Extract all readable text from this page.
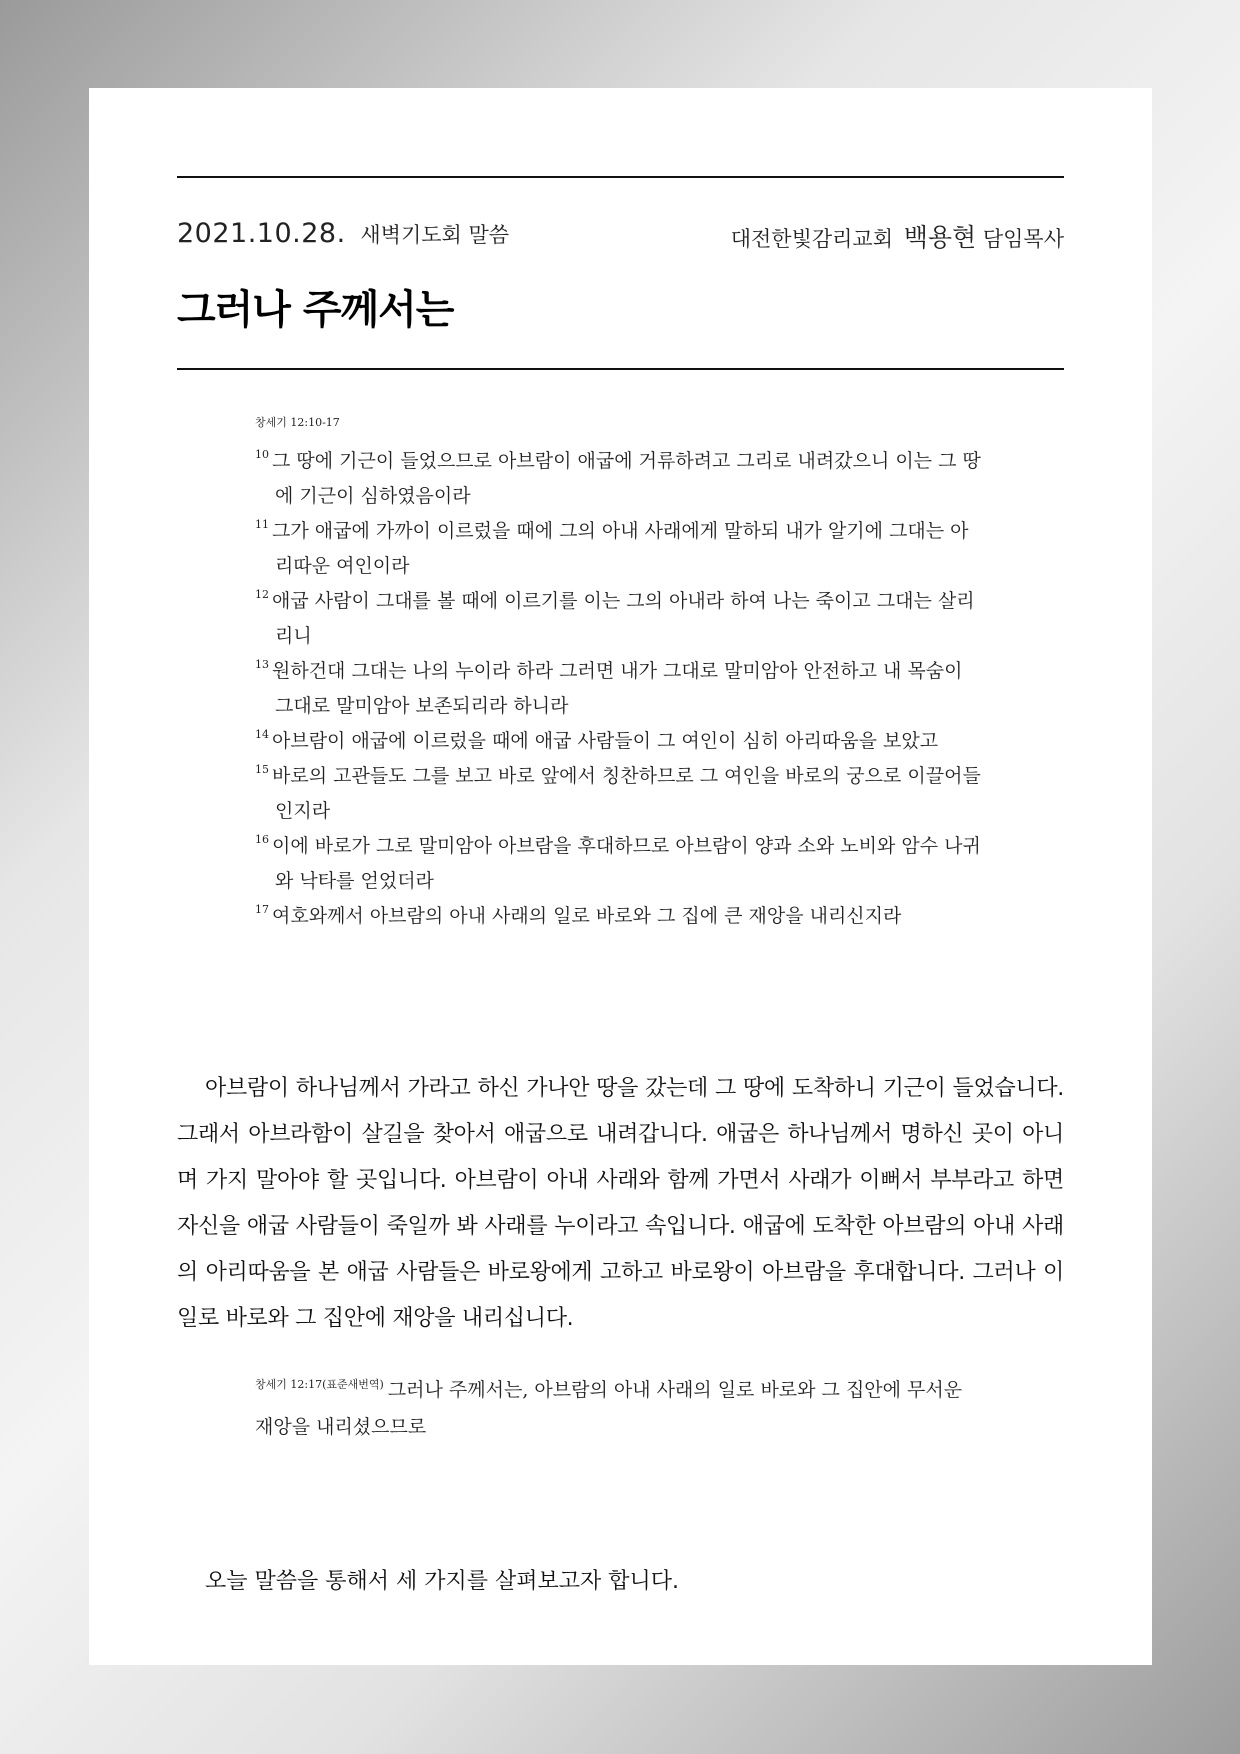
2021.10.28. 새벽기도회 말씀	대전한빛감리교회 백용현 담임목사
그러나 주께서는
창세기 12:10-17
$^{10}$ 그 땅에 기근이 들었으므로 아브람이 애굽에 거류하려고 그리로 내려갔으니 이는 그 땅에 기근이 심하였음이라
$^{11}$ 그가 애굽에 가까이 이르렀을 때에 그의 아내 사래에게 말하되 내가 알기에 그대는 아리따운 여인이라
$^{12}$ 애굽 사람이 그대를 볼 때에 이르기를 이는 그의 아내라 하여 나는 죽이고 그대는 살리리니
$^{13}$ 원하건대 그대는 나의 누이라 하라 그러면 내가 그대로 말미암아 안전하고 내 목숨이 그대로 말미암아 보존되리라 하니라
$^{14}$ 아브람이 애굽에 이르렀을 때에 애굽 사람들이 그 여인이 심히 아리따움을 보았고
$^{15}$ 바로의 고관들도 그를 보고 바로 앞에서 칭찬하므로 그 여인을 바로의 궁으로 이끌어들인지라
$^{16}$ 이에 바로가 그로 말미암아 아브람을 후대하므로 아브람이 양과 소와 노비와 암수 나귀와 낙타를 얻었더라
$^{17}$ 여호와께서 아브람의 아내 사래의 일로 바로와 그 집에 큰 재앙을 내리신지라

아브람이 하나님께서 가라고 하신 가나안 땅을 갔는데 그 땅에 도착하니 기근이 들었습니다. 그래서 아브라함이 살길을 찾아서 애굽으로 내려갑니다. 애굽은 하나님께서 명하신 곳이 아니며 가지 말아야 할 곳입니다. 아브람이 아내 사래와 함께 가면서 사래가 이뻐서 부부라고 하면 자신을 애굽 사람들이 죽일까 봐 사래를 누이라고 속입니다. 애굽에 도착한 아브람의 아내 사래의 아리따움을 본 애굽 사람들은 바로왕에게 고하고 바로왕이 아브람을 후대합니다. 그러나 이 일로 바로와 그 집안에 재앙을 내리십니다.

$^{창세기 12:17(표준새번역)}$ 그러나 주께서는, 아브람의 아내 사래의 일로 바로와 그 집안에 무서운 재앙을 내리셨으므로

오늘 말씀을 통해서 세 가지를 살펴보고자 합니다.
